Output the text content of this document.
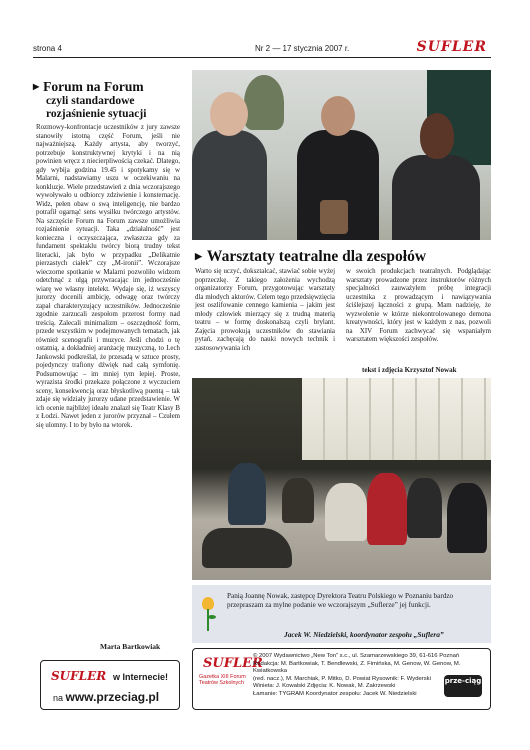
strona 4	Nr 2 — 17 stycznia 2007 r.	SUFLER
▶ Forum na Forum
czyli standardowe
rozjaśnienie sytuacji
Rozmowy-konfrontacje uczestników z jury zawsze stanowiły istotną część Forum, jeśli nie najważniejszą. Każdy artysta, aby tworzyć, potrzebuje konstruktywnej krytyki i na nią powinien wręcz z niecierpliwością czekać. Dlatego, gdy wybija godzina 19.45 i spotykamy się w Malarni, nadstawiamy uszu w oczekiwaniu na konkluzje. Wiele przedstawień z dnia wczorajszego wywoływało u odbiorcy zdziwienie i konsternację. Widz, pełen obaw o swą inteligencję, nie bardzo potrafił ogarnąć sens wysiłku twórczego artystów. Na szczęście Forum na Forum zawsze umożliwia rozjaśnienie sytuacji. Taka „działalność” jest konieczna i oczyszczająca, zwłaszcza gdy za fundament spektaklu twórcy biorą trudny tekst literacki, jak było w przypadku „Delikatnie pierzastych ciałek” czy „M-ironii”. Wczorajsze wieczorne spotkanie w Malarni pozwoliło widzom odetchnąć z ulgą przywracając im jednocześnie wiarę we własny intelekt. Wydaje się, iż wszyscy jurorzy docenili ambicję, odwagę oraz twórczy zapał charakteryzujący uczestników. Jednocześnie zgodnie zarzucali zespołom przerost formy nad treścią. Zalecali minimalizm – oszczędność form, przede wszystkim w podejmowanych tematach, jak również scenografii i muzyce. Jeśli chodzi o tę ostatnią, a dokładniej aranżację muzyczną, to Lech Jankowski podkreślał, że przesadą w sztuce prosty, pojedynczy trafiony dźwięk nad całą symfonię. Podsumowując – im mniej tym lepiej. Proste, wyrazista środki przekazu połączone z wyczuciem sceny, konsekwencją oraz błyskotliwą puentą – tak zdaje się widziały jurorzy udane przedstawienie. W ich ocenie najbliżej ideału znalazł się Teatr Klasy B z Łodzi. Nawet jeden z jurorów przyznał – Czułem się ulomny. I to by było na wtorek.
Marta Bartkowiak
SUFLER w Internecie!
na www.przeciag.pl
▶ Warsztaty teatralne dla zespołów
Warto się uczyć, dokształcać, stawiać sobie wyżej poprzeczkę. Z takiego założenia wychodzą organizatorzy Forum, przygotowując warsztaty dla młodych aktorów. Celem tego przedsięwzięcia jest oszlifowanie cennego kamienia – jakim jest młody człowiek mierzący się z trudną materią teatru – w formę doskonalszą czyli brylant. Zajęcia prowokują uczestników do stawiania pytań, zachęcają do nauki nowych technik i zastosowywania ich
w swoich produkcjach teatralnych. Podglądając warsztaty prowadzone przez instruktorów różnych specjalności zauważyłem próbę integracji uczestnika z prowadzącym i nawiązywania ściślejszej łączności z grupą. Mam nadzieję, że wyzwolenie w którze niekontrolowanego demona kreatywności, który jest w każdym z nas, pozwoli na XIV Forum zachwycać się wspaniałym warsztatem większości zespołów.
tekst i zdjęcia Krzysztof Nowak
Panią Joannę Nowak, zastępcę Dyrektora Teatru Polskiego w Poznaniu bardzo przepraszam za mylne podanie we wczorajszym „Suflerze” jej funkcji.
Jacek W. Niedzielski, koordynator zespołu „Suflera”
SUFLER
Gazetka XIII Forum Teatrów Szkolnych
© 2007 Wydawnictwo „New Ton” s.c., ul. Szamarzewskiego 39, 61-616 Poznań
Redakcja: M. Bartkowiak, T. Bendlewski, Z. Fimińska, M. Genow, W. Genow, M. Kwiatkowska
(red. nacz.), M. Marchiak, P. Mitko, D. Powiat Rysownik: F. Wyderski
Winieta: J. Kowalski Zdjęcia: K. Nowak, M. Zakrzewski
Łamanie: TYGRAM Koordynator zespołu: Jacek W. Niedzielski
prze-ciąg
